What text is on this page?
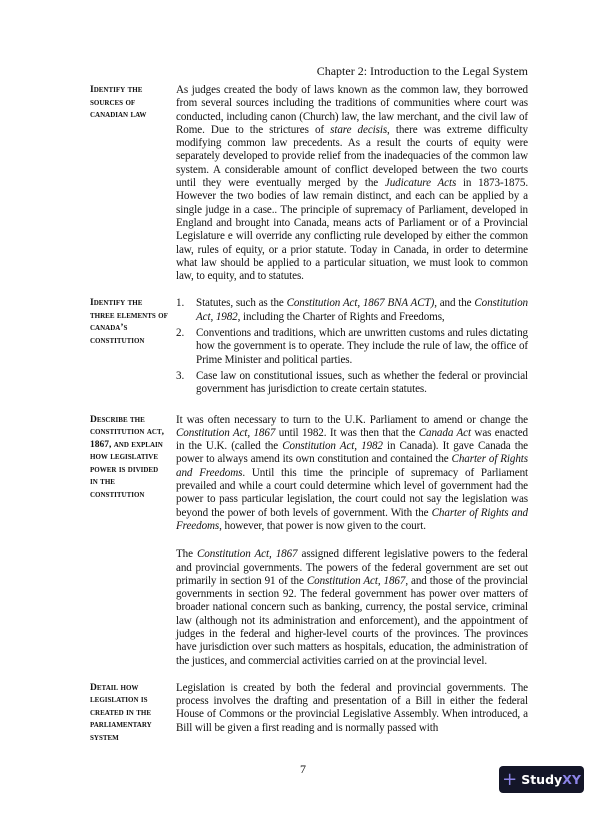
Chapter 2: Introduction to the Legal System
Identify the sources of canadian law

As judges created the body of laws known as the common law, they borrowed from several sources including the traditions of communities where court was conducted, including canon (Church) law, the law merchant, and the civil law of Rome. Due to the strictures of stare decisis, there was extreme difficulty modifying common law precedents. As a result the courts of equity were separately developed to provide relief from the inadequacies of the common law system. A considerable amount of conflict developed between the two courts until they were eventually merged by the Judicature Acts in 1873-1875. However the two bodies of law remain distinct, and each can be applied by a single judge in a case.. The principle of supremacy of Parliament, developed in England and brought into Canada, means acts of Parliament or of a Provincial Legislature e will override any conflicting rule developed by either the common law, rules of equity, or a prior statute. Today in Canada, in order to determine what law should be applied to a particular situation, we must look to common law, to equity, and to statutes.

Identify the three elements of canada’s constitution
1. Statutes, such as the Constitution Act, 1867 BNA ACT), and the Constitution Act, 1982, including the Charter of Rights and Freedoms,
2. Conventions and traditions, which are unwritten customs and rules dictating how the government is to operate. They include the rule of law, the office of Prime Minister and political parties.
3. Case law on constitutional issues, such as whether the federal or provincial government has jurisdiction to create certain statutes.
Describe the constitution act, 1867, and explain how legislative power is divided in the constitution

It was often necessary to turn to the U.K. Parliament to amend or change the Constitution Act, 1867 until 1982. It was then that the Canada Act was enacted in the U.K. (called the Constitution Act, 1982 in Canada). It gave Canada the power to always amend its own constitution and contained the Charter of Rights and Freedoms. Until this time the principle of supremacy of Parliament prevailed and while a court could determine which level of government had the power to pass particular legislation, the court could not say the legislation was beyond the power of both levels of government. With the Charter of Rights and Freedoms, however, that power is now given to the court.

The Constitution Act, 1867 assigned different legislative powers to the federal and provincial governments. The powers of the federal government are set out primarily in section 91 of the Constitution Act, 1867, and those of the provincial governments in section 92. The federal government has power over matters of broader national concern such as banking, currency, the postal service, criminal law (although not its administration and enforcement), and the appointment of judges in the federal and higher-level courts of the provinces. The provinces have jurisdiction over such matters as hospitals, education, the administration of the justices, and commercial activities carried on at the provincial level.

Detail how legislation is created in the parliamentary system

Legislation is created by both the federal and provincial governments. The process involves the drafting and presentation of a Bill in either the federal House of Commons or the provincial Legislative Assembly. When introduced, a Bill will be given a first reading and is normally passed with

7	+ Study XY
